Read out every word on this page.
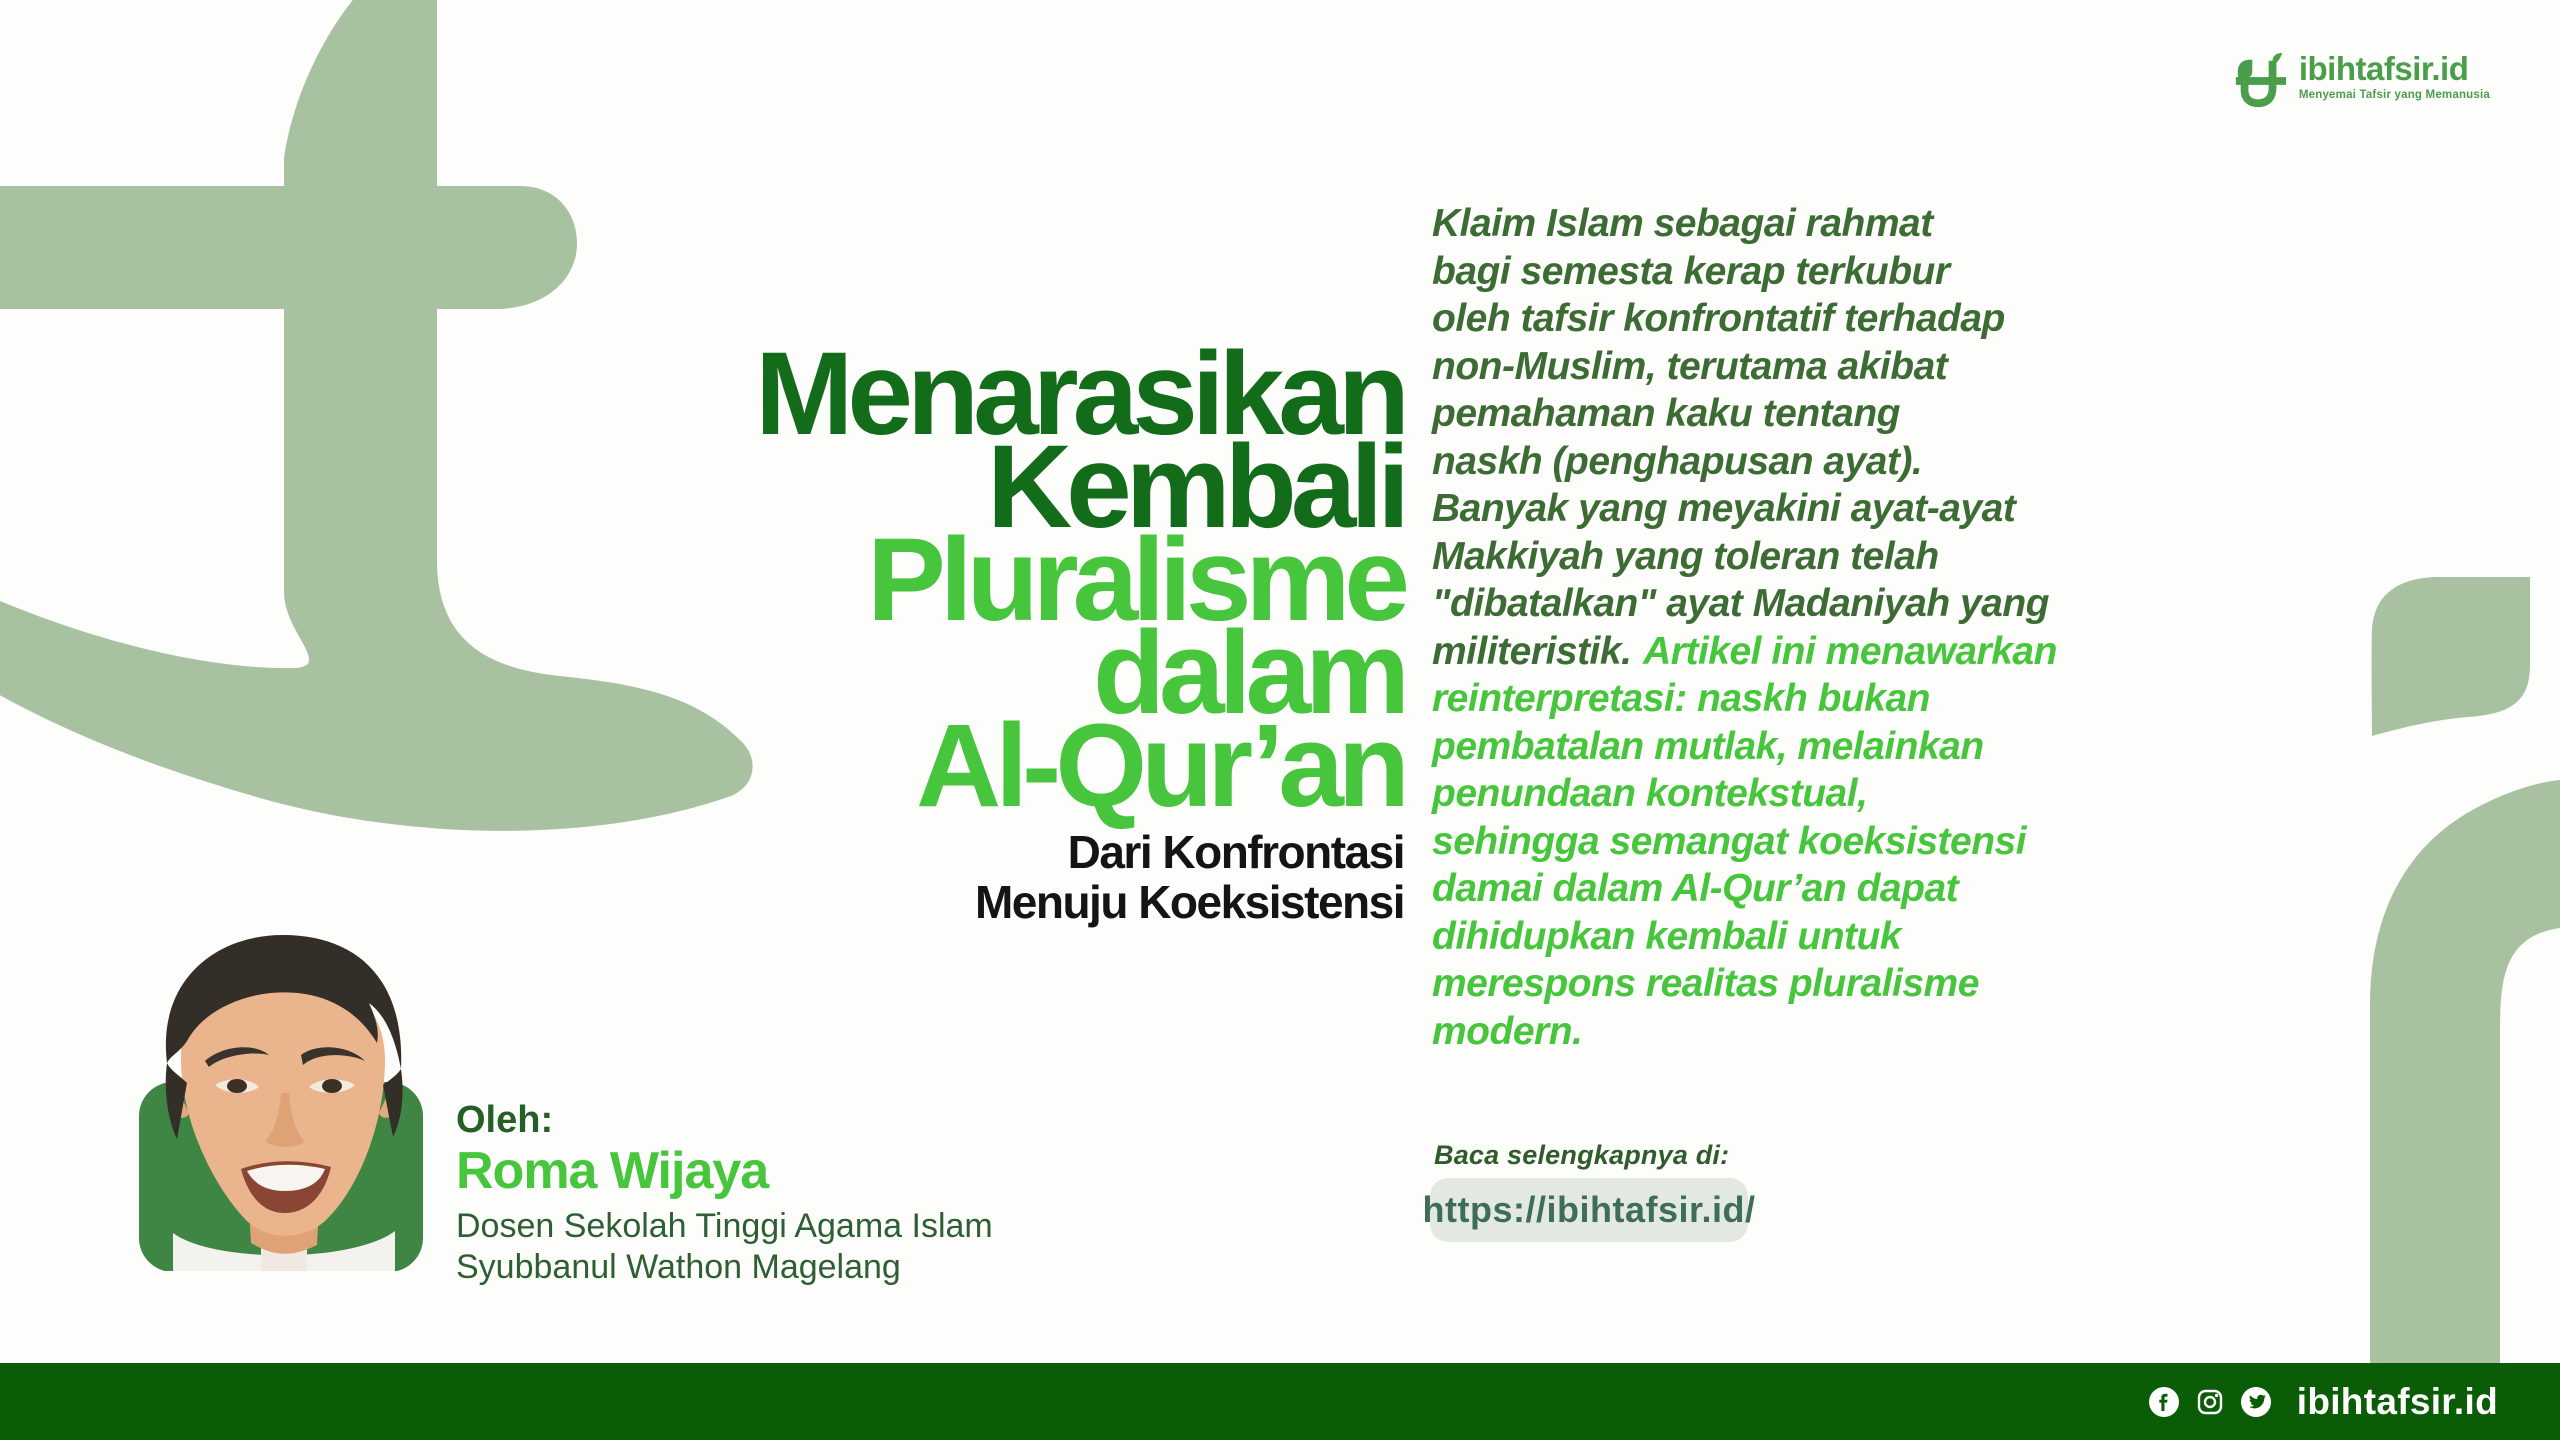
ibihtafsir.id
Menyemai Tafsir yang Memanusia
Menarasikan
Kembali
Pluralisme
dalam
Al-Qur’an
Dari Konfrontasi
Menuju Koeksistensi
Klaim Islam sebagai rahmat
bagi semesta kerap terkubur
oleh tafsir konfrontatif terhadap
non-Muslim, terutama akibat
pemahaman kaku tentang
naskh (penghapusan ayat).
Banyak yang meyakini ayat-ayat
Makkiyah yang toleran telah
"dibatalkan" ayat Madaniyah yang
militeristik. Artikel ini menawarkan
reinterpretasi: naskh bukan
pembatalan mutlak, melainkan
penundaan kontekstual,
sehingga semangat koeksistensi
damai dalam Al-Qur’an dapat
dihidupkan kembali untuk
merespons realitas pluralisme
modern.
Baca selengkapnya di:
https://ibihtafsir.id/
Oleh:
Roma Wijaya
Dosen Sekolah Tinggi Agama Islam
Syubbanul Wathon Magelang
ibihtafsir.id
